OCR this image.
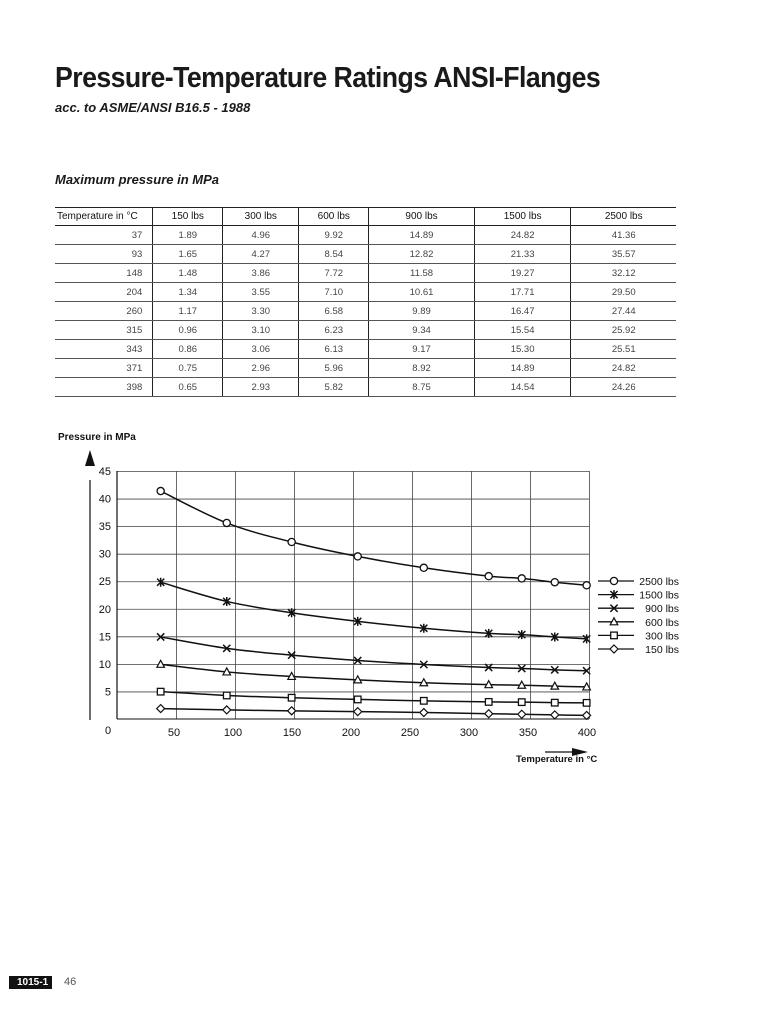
Pressure-Temperature Ratings ANSI-Flanges
acc. to ASME/ANSI B16.5 - 1988
Maximum pressure in MPa
Temperature in °C	150 lbs	300 lbs	600 lbs	900 lbs	1500 lbs	2500 lbs
37	1.89	4.96	9.92	14.89	24.82	41.36
93	1.65	4.27	8.54	12.82	21.33	35.57
148	1.48	3.86	7.72	11.58	19.27	32.12
204	1.34	3.55	7.10	10.61	17.71	29.50
260	1.17	3.30	6.58	9.89	16.47	27.44
315	0.96	3.10	6.23	9.34	15.54	25.92
343	0.86	3.06	6.13	9.17	15.30	25.51
371	0.75	2.96	5.96	8.92	14.89	24.82
398	0.65	2.93	5.82	8.75	14.54	24.26
5
10
15
20
25
30
35
40
45
0	50	100	150	200	250	300	350	400
Pressure in MPa
Temperature in °C
2500 lbs
1500 lbs
900 lbs
600 lbs
300 lbs
150 lbs
1015-1	46
